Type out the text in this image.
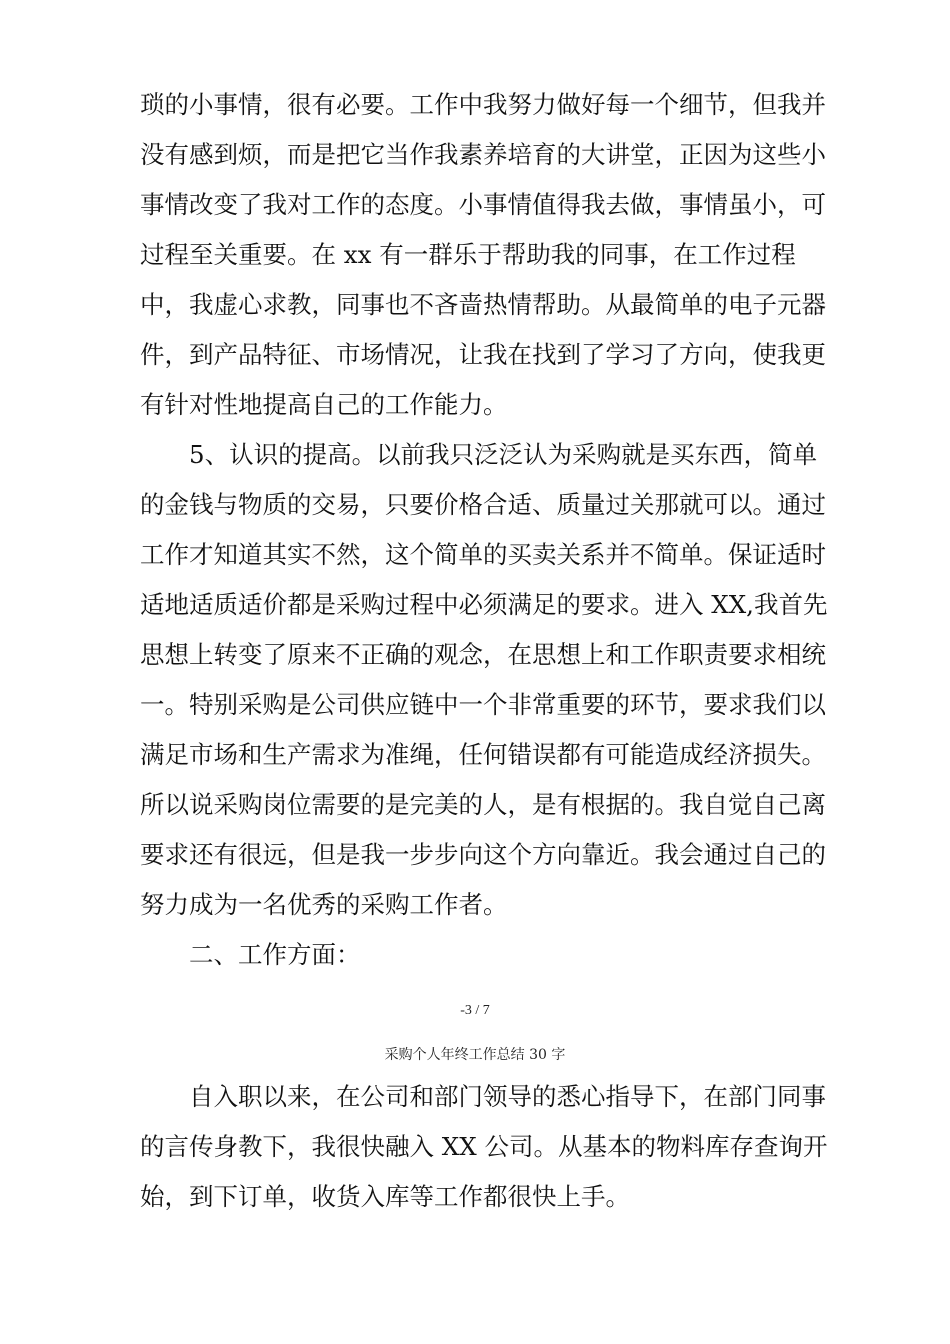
琐的小事情，很有必要。工作中我努力做好每一个细节，但我并
没有感到烦，而是把它当作我素养培育的大讲堂，正因为这些小
事情改变了我对工作的态度。小事情值得我去做，事情虽小，可
过程至关重要。在 xx 有一群乐于帮助我的同事，在工作过程
中，我虚心求教，同事也不吝啬热情帮助。从最简单的电子元器
件，到产品特征、市场情况，让我在找到了学习了方向，使我更
有针对性地提高自己的工作能力。
　　5、认识的提高。以前我只泛泛认为采购就是买东西，简单
的金钱与物质的交易，只要价格合适、质量过关那就可以。通过
工作才知道其实不然，这个简单的买卖关系并不简单。保证适时
适地适质适价都是采购过程中必须满足的要求。进入 XX,我首先
思想上转变了原来不正确的观念，在思想上和工作职责要求相统
一。特别采购是公司供应链中一个非常重要的环节，要求我们以
满足市场和生产需求为准绳，任何错误都有可能造成经济损失。
所以说采购岗位需要的是完美的人，是有根据的。我自觉自己离
要求还有很远，但是我一步步向这个方向靠近。我会通过自己的
努力成为一名优秀的采购工作者。
　　二、工作方面：
-3 / 7
采购个人年终工作总结 30 字
　　自入职以来，在公司和部门领导的悉心指导下，在部门同事
的言传身教下，我很快融入 XX 公司。从基本的物料库存查询开
始，到下订单，收货入库等工作都很快上手。
